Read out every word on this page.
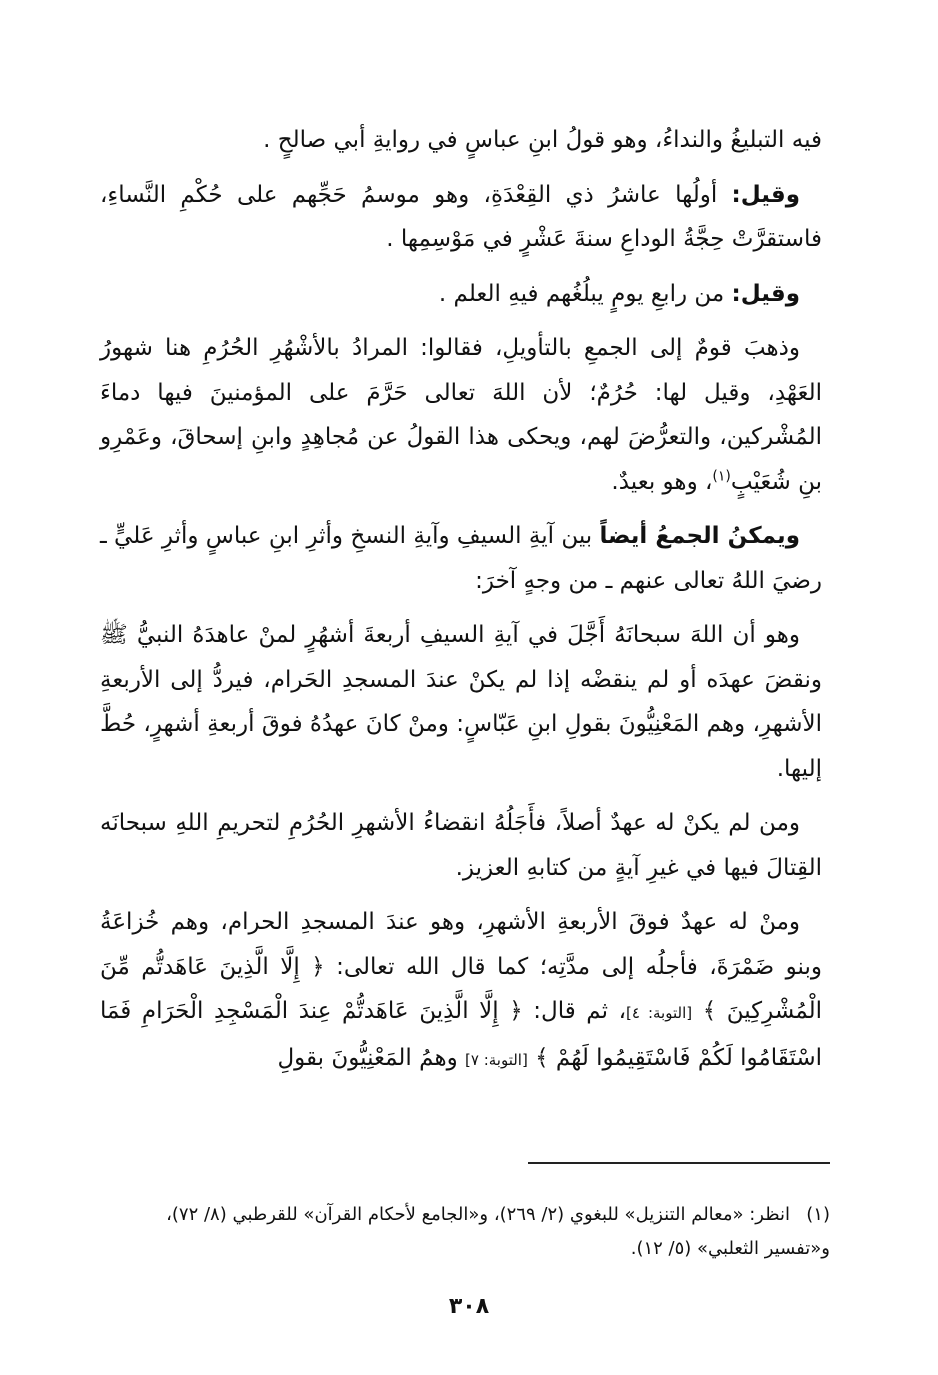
فيه التبليغُ والنداءُ، وهو قولُ ابنِ عباسٍ في روايةِ أبي صالحٍ .

وقيل: أولُها عاشرُ ذي القِعْدَةِ، وهو موسمُ حَجِّهم على حُكْمِ النَّساءِ، فاستقرَّتْ حِجَّةُ الوداعِ سنةَ عَشْرٍ في مَوْسِمِها .

وقيل: من رابعِ يومٍ يبلُغُهم فيهِ العلم .

وذهبَ قومٌ إلى الجمعِ بالتأويلِ، فقالوا: المرادُ بالأشْهُرِ الحُرُمِ هنا شهورُ العَهْدِ، وقيل لها: حُرُمٌ؛ لأن اللهَ تعالى حَرَّمَ على المؤمنينَ فيها دماءَ المُشْركين، والتعرُّضَ لهم، ويحكى هذا القولُ عن مُجاهِدٍ وابنِ إسحاقَ، وعَمْرِو بنِ شُعَيْبٍ$^{(١)}$، وهو بعيدٌ.

ويمكنُ الجمعُ أيضاً بين آيةِ السيفِ وآيةِ النسخِ وأثرِ ابنِ عباسٍ وأثرِ عَليٍّ ـ رضيَ اللهُ تعالى عنهم ـ من وجهٍ آخرَ:

وهو أن اللهَ سبحانَهُ أَجَّلَ في آيةِ السيفِ أربعةَ أشهُرٍ لمنْ عاهدَهُ النبيُّ ﷺ ونقضَ عهدَه أو لم ينقضْه إذا لم يكنْ عندَ المسجدِ الحَرام، فيردُّ إلى الأربعةِ الأشهرِ، وهم المَعْنِيُّونَ بقولِ ابنِ عَبّاسٍ: ومنْ كانَ عهدُهُ فوقَ أربعةِ أشهرٍ، حُطَّ إليها.

ومن لم يكنْ له عهدٌ أصلاً، فأَجَلُهُ انقضاءُ الأشهرِ الحُرُمِ لتحريمِ اللهِ سبحانَه القِتالَ فيها في غيرِ آيةٍ من كتابهِ العزيز.

ومنْ له عهدٌ فوقَ الأربعةِ الأشهرِ، وهو عندَ المسجدِ الحرام، وهم خُزاعَةُ وبنو ضَمْرَةَ، فأجلُه إلى مدَّتِه؛ كما قال الله تعالى: ﴿ إِلَّا الَّذِينَ عَاهَدتُّم مِّنَ الْمُشْرِكِينَ ﴾ [التوبة: ٤]، ثم قال: ﴿ إِلَّا الَّذِينَ عَاهَدتُّمْ عِندَ الْمَسْجِدِ الْحَرَامِ فَمَا اسْتَقَامُوا لَكُمْ فَاسْتَقِيمُوا لَهُمْ ﴾ [التوبة: ٧] وهمُ المَعْنِيُّونَ بقولِ

(١)انظر: «معالم التنزيل» للبغوي (٢/ ٢٦٩)، و«الجامع لأحكام القرآن» للقرطبي (٨/ ٧٢)، و«تفسير الثعلبي» (٥/ ١٢).

٣٠٨
